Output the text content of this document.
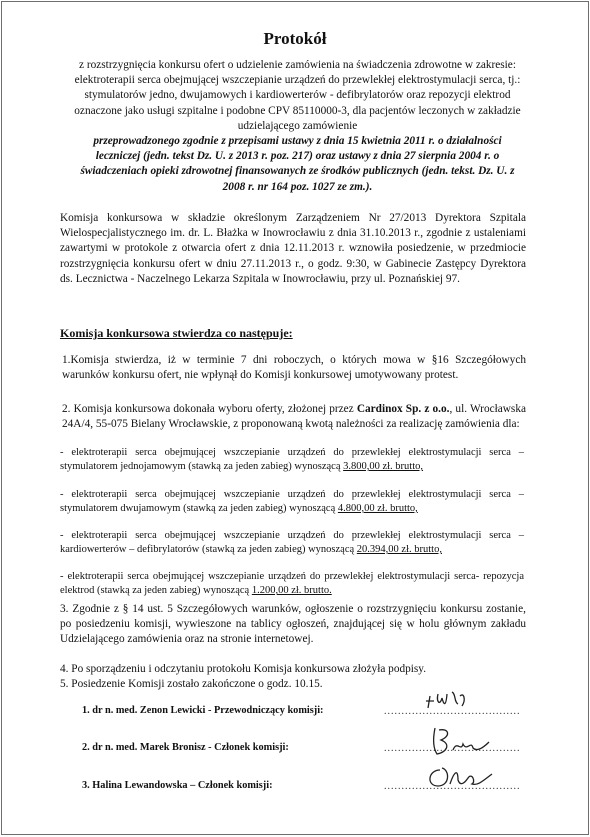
Protokół
z rozstrzygnięcia konkursu ofert o udzielenie zamówienia na świadczenia zdrowotne w zakresie: elektroterapii serca obejmującej wszczepianie urządzeń do przewlekłej elektrostymulacji serca, tj.: stymulatorów jedno, dwujamowych i kardiowerterów - defibrylatorów oraz repozycji elektrod oznaczone jako usługi szpitalne i podobne CPV 85110000-3, dla pacjentów leczonych w zakładzie udzielającego zamówienie
przeprowadzonego zgodnie z przepisami ustawy z dnia 15 kwietnia 2011 r. o działalności leczniczej (jedn. tekst Dz. U. z 2013 r. poz. 217) oraz ustawy z dnia 27 sierpnia 2004 r. o świadczeniach opieki zdrowotnej finansowanych ze środków publicznych (jedn. tekst. Dz. U. z 2008 r. nr 164 poz. 1027 ze zm.).
Komisja konkursowa w składzie określonym Zarządzeniem Nr 27/2013 Dyrektora Szpitala Wielospecjalistycznego im. dr. L. Błażka w Inowrocławiu z dnia 31.10.2013 r., zgodnie z ustaleniami zawartymi w protokole z otwarcia ofert z dnia 12.11.2013 r. wznowiła posiedzenie, w przedmiocie rozstrzygnięcia konkursu ofert w dniu 27.11.2013 r., o godz. 9:30, w Gabinecie Zastępcy Dyrektora ds. Lecznictwa - Naczelnego Lekarza Szpitala w Inowrocławiu, przy ul. Poznańskiej 97.
Komisja konkursowa stwierdza co następuje:
1.Komisja stwierdza, iż w terminie 7 dni roboczych, o których mowa w §16 Szczegółowych warunków konkursu ofert, nie wpłynął do Komisji konkursowej umotywowany protest.
2. Komisja konkursowa dokonała wyboru oferty, złożonej przez Cardinox Sp. z o.o., ul. Wrocławska 24A/4, 55-075 Bielany Wrocławskie, z proponowaną kwotą należności za realizację zamówienia dla:
- elektroterapii serca obejmującej wszczepianie urządzeń do przewlekłej elektrostymulacji serca – stymulatorem jednojamowym (stawką za jeden zabieg) wynoszącą 3.800,00 zł. brutto,
- elektroterapii serca obejmującej wszczepianie urządzeń do przewlekłej elektrostymulacji serca – stymulatorem dwujamowym (stawką za jeden zabieg) wynoszącą 4.800,00 zł. brutto,
- elektroterapii serca obejmującej wszczepianie urządzeń do przewlekłej elektrostymulacji serca – kardiowerterów – defibrylatorów (stawką za jeden zabieg) wynoszącą 20.394,00 zł. brutto,
- elektroterapii serca obejmującej wszczepianie urządzeń do przewlekłej elektrostymulacji serca- repozycja elektrod (stawką za jeden zabieg) wynoszącą 1.200,00 zł. brutto.
3. Zgodnie z § 14 ust. 5 Szczegółowych warunków, ogłoszenie o rozstrzygnięciu konkursu zostanie, po posiedzeniu komisji, wywieszone na tablicy ogłoszeń, znajdującej się w holu głównym zakładu Udzielającego zamówienia oraz na stronie internetowej.
4. Po sporządzeniu i odczytaniu protokołu Komisja konkursowa złożyła podpisy.
5. Posiedzenie Komisji zostało zakończone o godz. 10.15.
1. dr n. med. Zenon Lewicki - Przewodniczący komisji:	.......................................
2. dr n. med. Marek Bronisz - Członek komisji:	.......................................
3. Halina Lewandowska – Członek komisji:	.......................................
